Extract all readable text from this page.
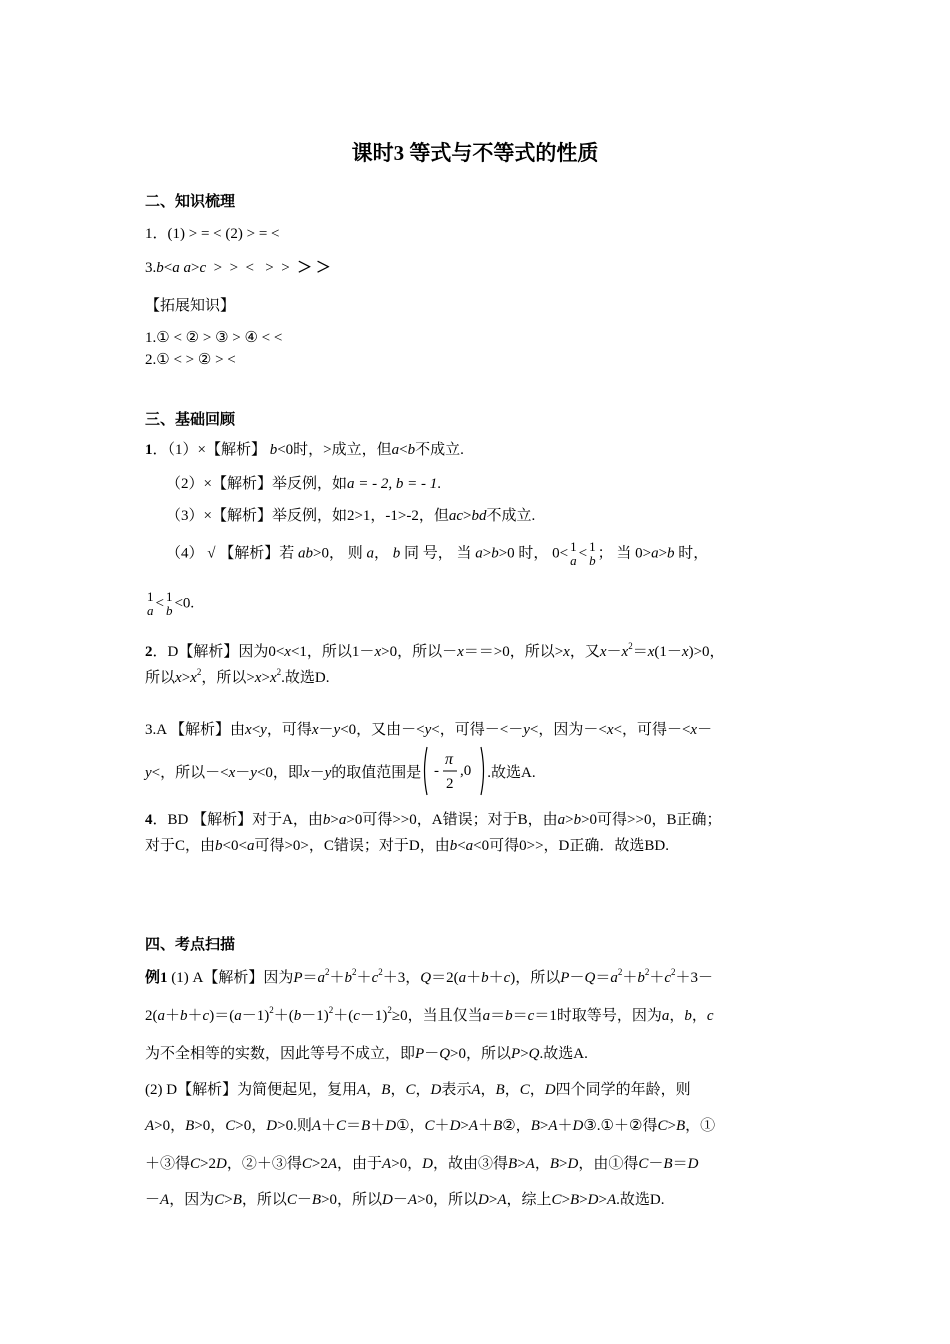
课时3 等式与不等式的性质
二、知识梳理
1．(1) > = < (2) > = <
3.b<a a>c  >  >  <   >  >  ＞ ＞
【拓展知识】
1.① < ② > ③ > ④ < <
2.① < > ② > <
三、基础回顾
1．（1）×【解析】 b<0时，>成立，但a<b不成立.
（2）×【解析】举反例，如a = - 2, b = - 1.
（3）×【解析】举反例，如2>1，-1>-2，但ac>bd不成立.
（4） √ 【解析】若 ab>0， 则 a， b 同 号， 当 a>b>0 时， 0< 1
a < 1
b ； 当 0>a>b 时，
1
a < 1
b <0.
2．D【解析】因为0<x<1，所以1－x>0，所以－x＝＝>0，所以>x，又$x-x^2=x(1-x)>0$，
所以$x>x^2$，所以$>x>x^2$.故选D.
3.A 【解析】由x<y，可得x－y<0，又由－<y<，可得－<－y<，因为－<x<，可得－<x－
y<，所以－<x－y<0，即x－y的取值范围是 -
π
2
,0 .故选A.
4．BD 【解析】对于A，由b>a>0可得>>0，A错误；对于B，由a>b>0可得>>0，B正确；
对于C，由b<0<a可得>0>，C错误；对于D，由b<a<0可得0>>，D正确．故选BD.
四、考点扫描
例1 (1) A【解析】因为$P=a^2+b^2+c^2+3$，Q＝2(a＋b＋c)，所以$P-Q=a^2+b^2+c^2+3-$
$2(a+b+c)=(a-1)^2+(b-1)^2+(c-1)^2\ge 0$，当且仅当a＝b＝c＝1时取等号，因为a，b，c
为不全相等的实数，因此等号不成立，即P－Q>0，所以P>Q.故选A.
(2) D【解析】为简便起见，复用A，B，C，D表示A，B，C，D四个同学的年龄，则
A>0，B>0，C>0，D>0.则A＋C＝B＋D①，C＋D>A＋B②，B>A＋D③.①＋②得C>B，①
＋③得C>2D，②＋③得C>2A，由于A>0，D，故由③得B>A，B>D，由①得C－B＝D
－A，因为C>B，所以C－B>0，所以D－A>0，所以D>A，综上C>B>D>A.故选D.
